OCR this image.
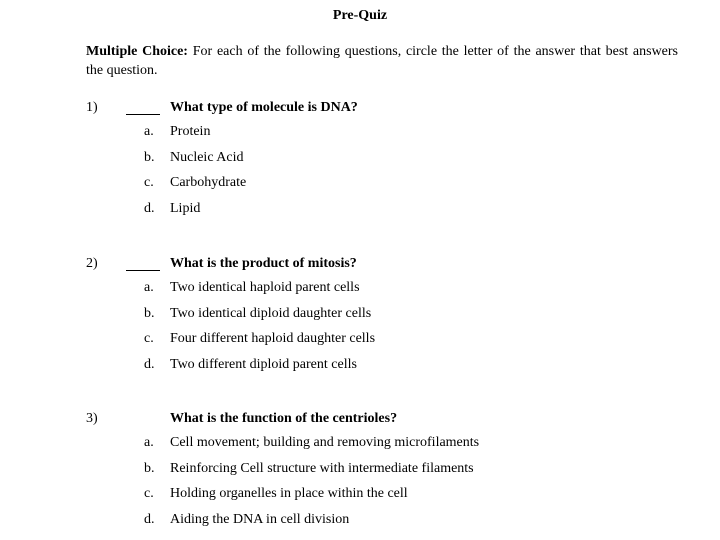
Pre-Quiz
Multiple Choice: For each of the following questions, circle the letter of the answer that best answers the question.
1)	What type of molecule is DNA?
a. Protein
b. Nucleic Acid
c. Carbohydrate
d. Lipid
2)	What is the product of mitosis?
a. Two identical haploid parent cells
b. Two identical diploid daughter cells
c. Four different haploid daughter cells
d. Two different diploid parent cells
3)	What is the function of the centrioles?
a. Cell movement; building and removing microfilaments
b. Reinforcing Cell structure with intermediate filaments
c. Holding organelles in place within the cell
d. Aiding the DNA in cell division
